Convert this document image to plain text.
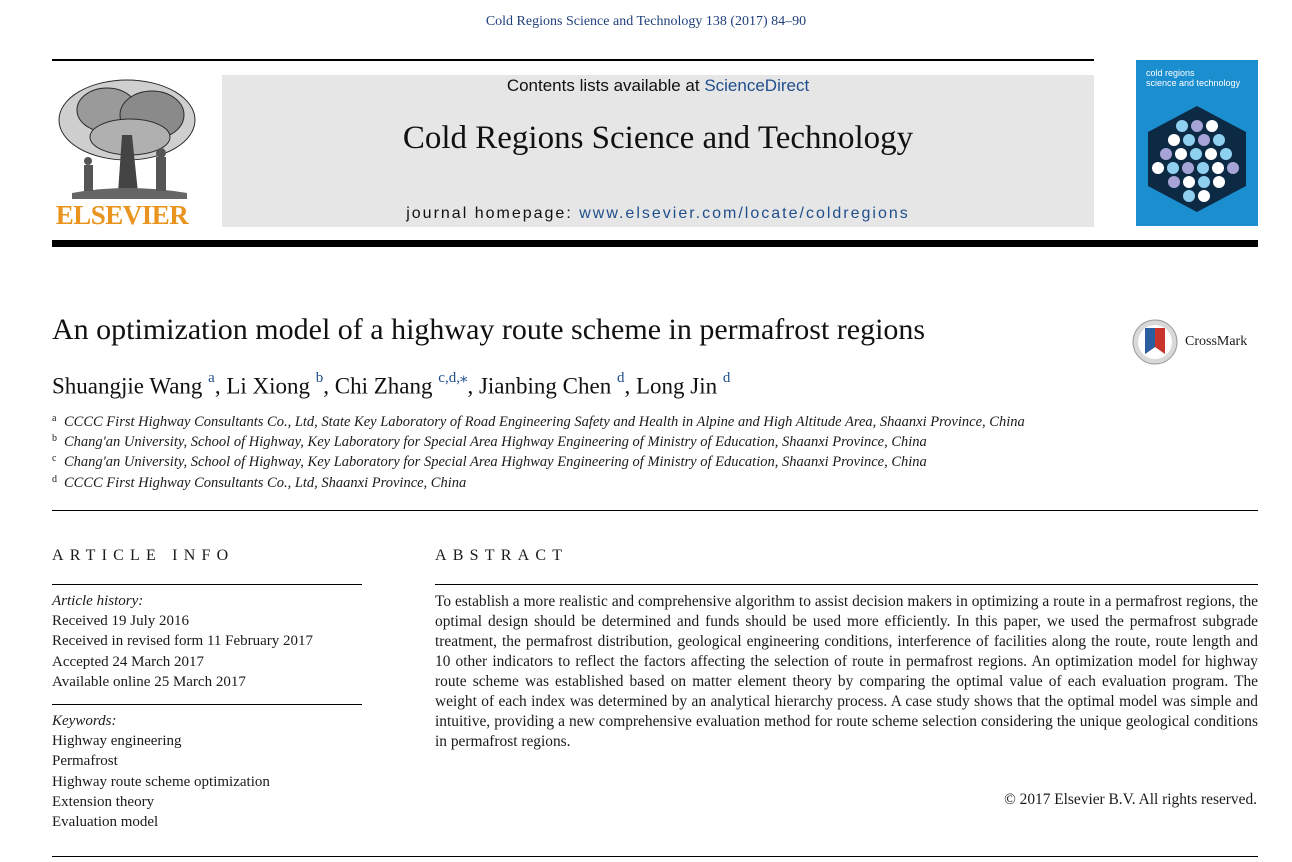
Cold Regions Science and Technology 138 (2017) 84–90
ELSEVIER
Contents lists available at ScienceDirect
Cold Regions Science and Technology
journal homepage: www.elsevier.com/locate/coldregions
cold regions
science and technology
An optimization model of a highway route scheme in permafrost regions	CrossMark
Shuangjie Wang $^a$, Li Xiong $^b$, Chi Zhang $^{c,d,⁎}$, Jianbing Chen $^d$, Long Jin $^d$
a CCCC First Highway Consultants Co., Ltd, State Key Laboratory of Road Engineering Safety and Health in Alpine and High Altitude Area, Shaanxi Province, China
b Chang'an University, School of Highway, Key Laboratory for Special Area Highway Engineering of Ministry of Education, Shaanxi Province, China
c Chang'an University, School of Highway, Key Laboratory for Special Area Highway Engineering of Ministry of Education, Shaanxi Province, China
d CCCC First Highway Consultants Co., Ltd, Shaanxi Province, China
ARTICLE INFO
Article history:
Received 19 July 2016
Received in revised form 11 February 2017
Accepted 24 March 2017
Available online 25 March 2017
Keywords:
Highway engineering
Permafrost
Highway route scheme optimization
Extension theory
Evaluation model
ABSTRACT
To establish a more realistic and comprehensive algorithm to assist decision makers in optimizing a route in a permafrost regions, the optimal design should be determined and funds should be used more efficiently. In this paper, we used the permafrost subgrade treatment, the permafrost distribution, geological engineering conditions, interference of facilities along the route, route length and 10 other indicators to reflect the factors affecting the selection of route in permafrost regions. An optimization model for highway route scheme was established based on matter element theory by comparing the optimal value of each evaluation program. The weight of each index was determined by an analytical hierarchy process. A case study shows that the optimal model was simple and intuitive, providing a new comprehensive evaluation method for route scheme selection considering the unique geological conditions in permafrost regions.
© 2017 Elsevier B.V. All rights reserved.
